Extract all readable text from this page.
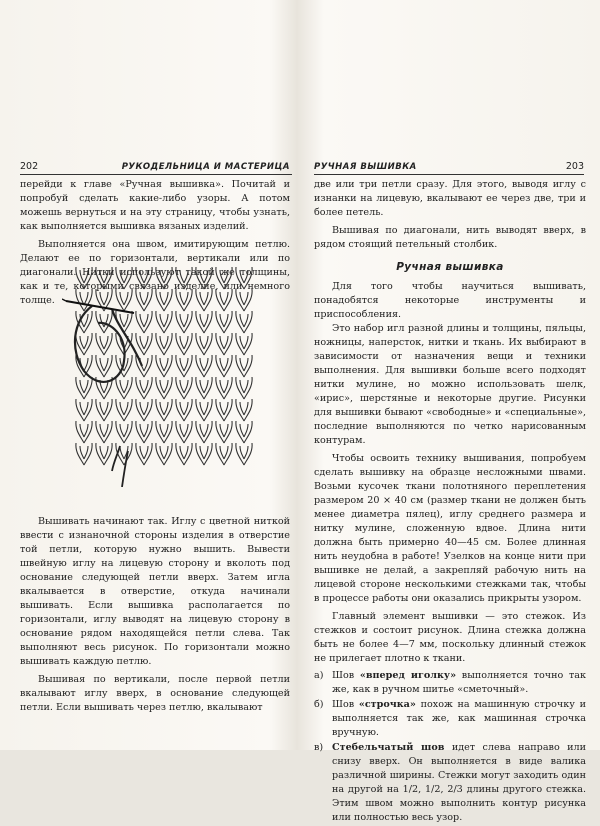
202	РУКОДЕЛЬНИЦА И МАСТЕРИЦА

перейди к главе «Ручная вышивка». Почитай и попробуй сделать какие-либо узоры. А потом можешь вернуться и на эту страницу, чтобы узнать, как выполняется вышивка вязаных изделий.

Выполняется она швом, имитирующим петлю. Делают ее по горизонтали, вертикали или по диагонали. Нитки используют такой же толщины, как и те, которыми связано изделие, или немного толще.

Вышивать начинают так. Иглу с цветной ниткой ввести с изнаночной стороны изделия в отверстие той петли, которую нужно вышить. Вывести швейную иглу на лицевую сторону и вколоть под основание следующей петли вверх. Затем игла вкалывается в отверстие, откуда начинали вышивать. Если вышивка располагается по горизонтали, иглу выводят на лицевую сторону в основание рядом находящейся петли слева. Так выполняют весь рисунок. По горизонтали можно вышивать каждую петлю.

Вышивая по вертикали, после первой петли вкалывают иглу вверх, в основание следующей петли. Если вышивать через петлю, вкалывают

РУЧНАЯ ВЫШИВКА	203

две или три петли сразу. Для этого, выводя иглу с изнанки на лицевую, вкалывают ее через две, три и более петель.

Вышивая по диагонали, нить выводят вверх, в рядом стоящий петельный столбик.

Ручная вышивка

Для того чтобы научиться вышивать, понадобятся некоторые инструменты и приспособления.

Это набор игл разной длины и толщины, пяльцы, ножницы, наперсток, нитки и ткань. Их выбирают в зависимости от назначения вещи и техники выполнения. Для вышивки больше всего подходят нитки мулине, но можно использовать шелк, «ирис», шерстяные и некоторые другие. Рисунки для вышивки бывают «свободные» и «специальные», последние выполняются по четко нарисованным контурам.

Чтобы освоить технику вышивания, попробуем сделать вышивку на образце несложными швами. Возьми кусочек ткани полотняного переплетения размером 20 × 40 см (размер ткани не должен быть менее диаметра пялец), иглу среднего размера и нитку мулине, сложенную вдвое. Длина нити должна быть примерно 40—45 см. Более длинная нить неудобна в работе! Узелков на конце нити при вышивке не делай, а закрепляй рабочую нить на лицевой стороне несколькими стежками так, чтобы в процессе работы они оказались прикрыты узором.

Главный элемент вышивки — это стежок. Из стежков и состоит рисунок. Длина стежка должна быть не более 4—7 мм, поскольку длинный стежок не прилегает плотно к ткани.

а) Шов «вперед иголку» выполняется точно так же, как в ручном шитье «сметочный».
б) Шов «строчка» похож на машинную строчку и выполняется так же, как машинная строчка вручную.
в) Стебельчатый шов идет слева направо или снизу вверх. Он выполняется в виде валика различной ширины. Стежки могут заходить один на другой на 1/2, 1/2, 2/3 длины другого стежка. Этим швом можно выполнить контур рисунка или полностью весь узор.
